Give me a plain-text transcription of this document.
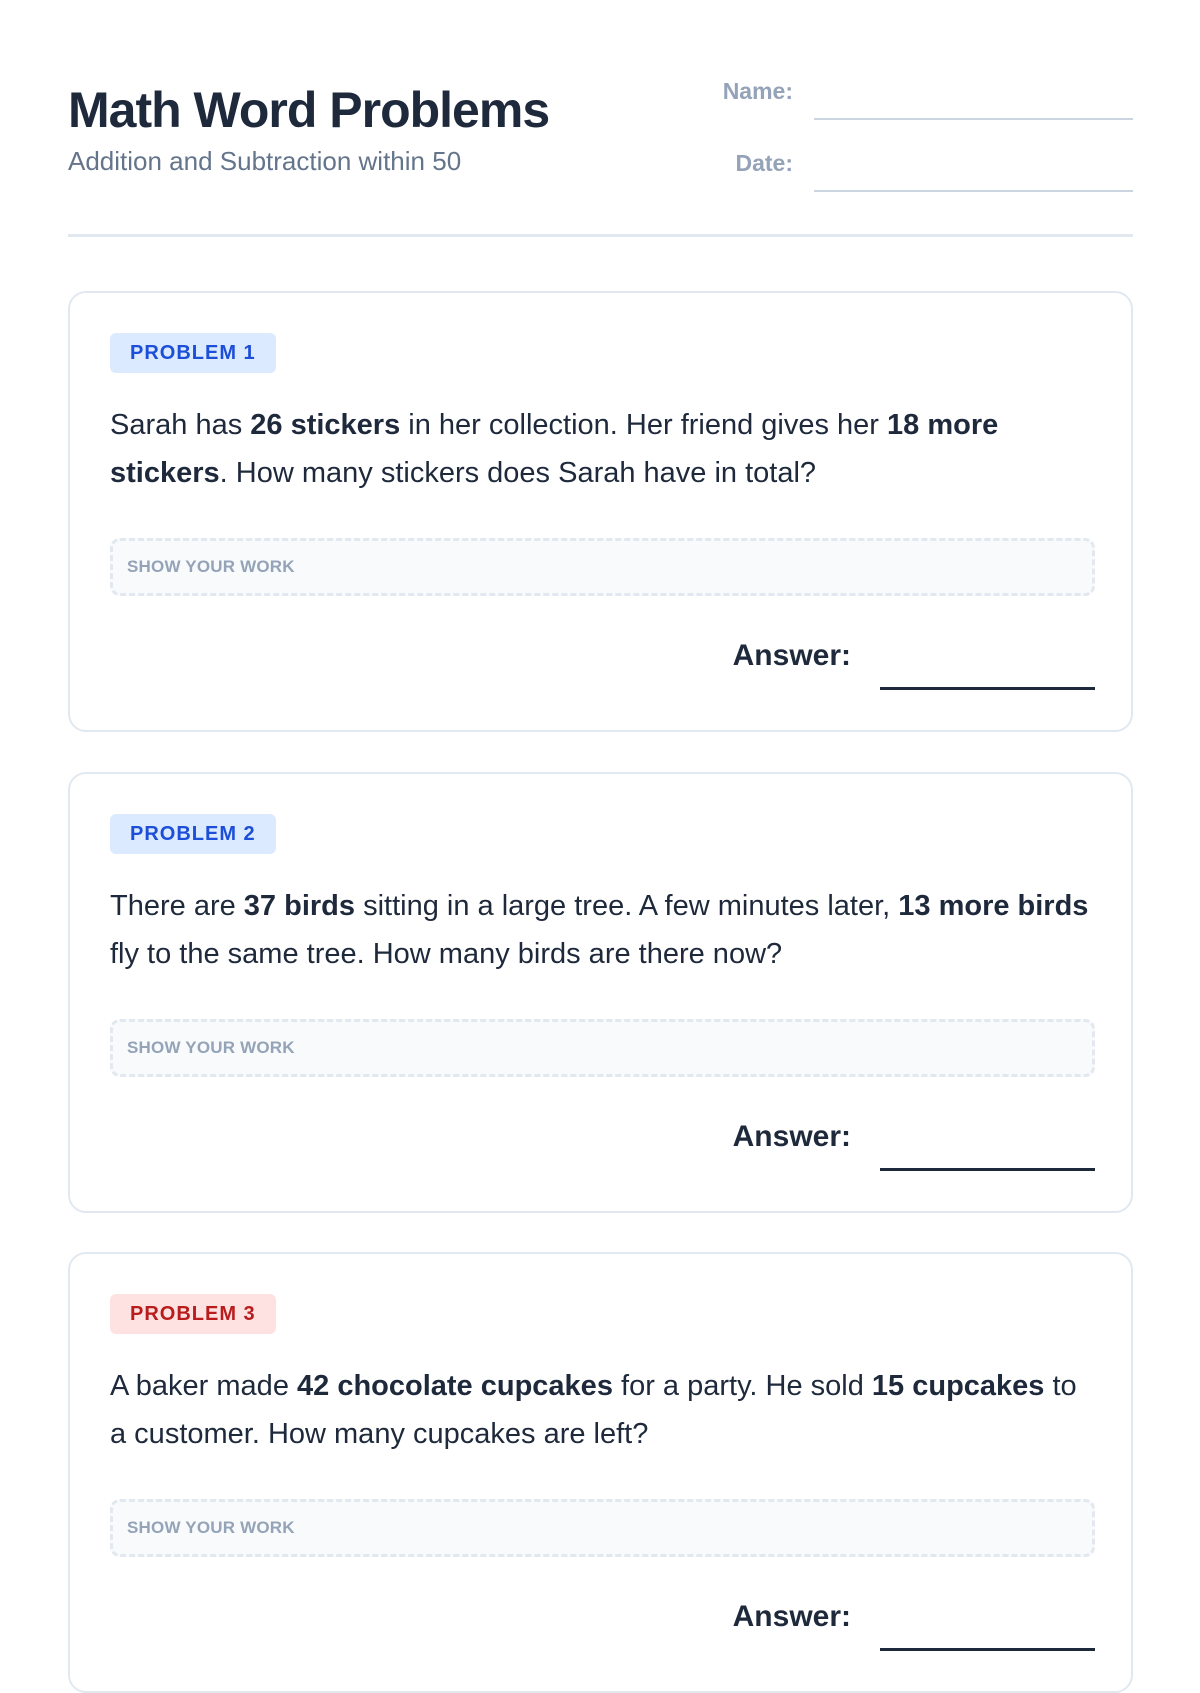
Math Word Problems

Addition and Subtraction within 50

Name:
Date:
PROBLEM 1

Sarah has 26 stickers in her collection. Her friend gives her 18 more stickers. How many stickers does Sarah have in total?

SHOW YOUR WORK
Answer:
PROBLEM 2

There are 37 birds sitting in a large tree. A few minutes later, 13 more birds fly to the same tree. How many birds are there now?

SHOW YOUR WORK
Answer:
PROBLEM 3

A baker made 42 chocolate cupcakes for a party. He sold 15 cupcakes to a customer. How many cupcakes are left?

SHOW YOUR WORK
Answer:
